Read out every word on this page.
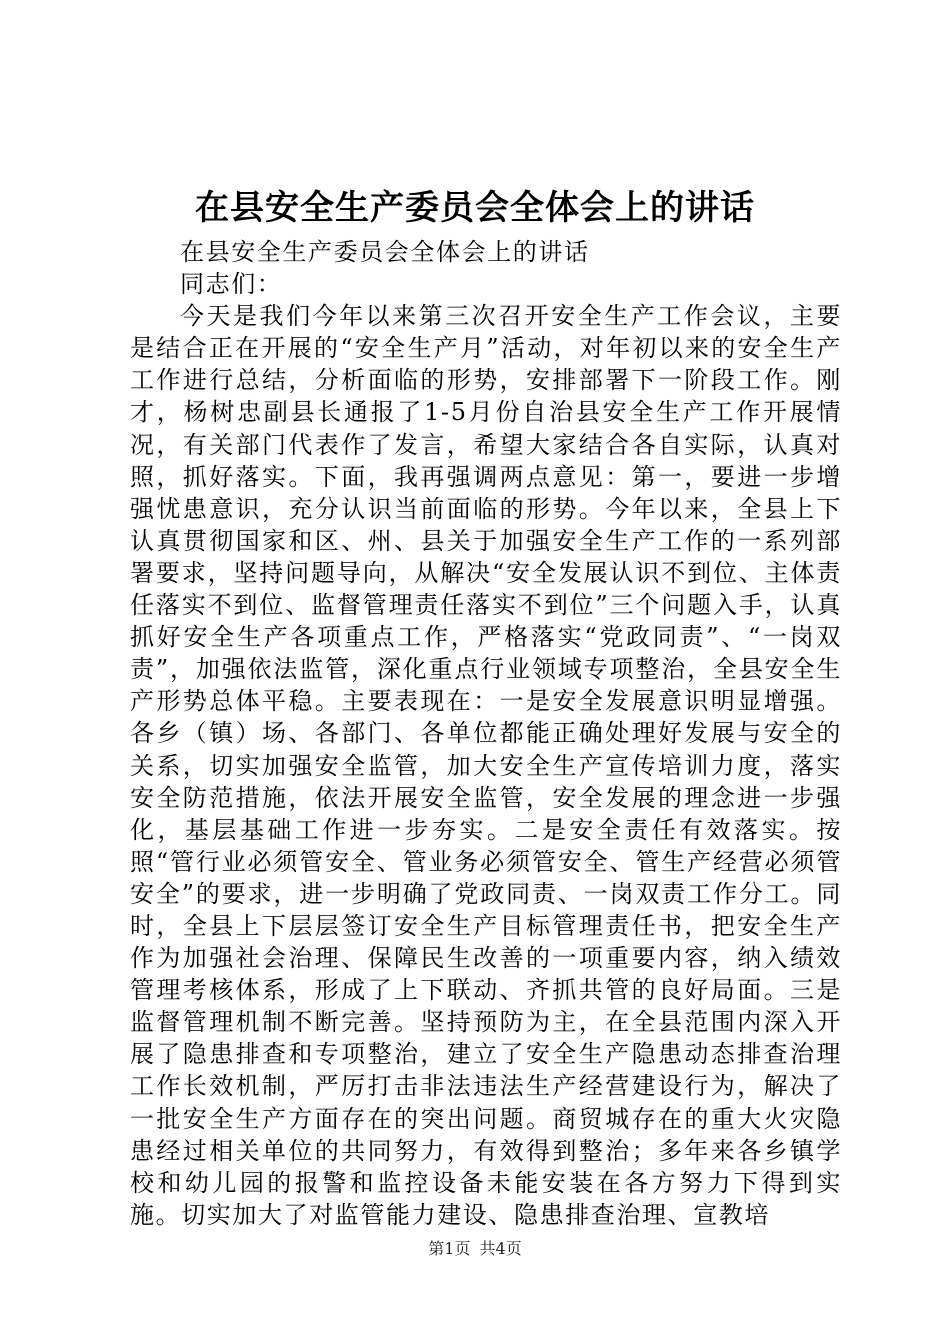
在县安全生产委员会全体会上的讲话

在县安全生产委员会全体会上的讲话

同志们：

今天是我们今年以来第三次召开安全生产工作会议，主要是结合正在开展的“安全生产月”活动，对年初以来的安全生产工作进行总结，分析面临的形势，安排部署下一阶段工作。刚才，杨树忠副县长通报了1-5月份自治县安全生产工作开展情况，有关部门代表作了发言，希望大家结合各自实际，认真对照，抓好落实。下面，我再强调两点意见：第一，要进一步增强忧患意识，充分认识当前面临的形势。今年以来，全县上下认真贯彻国家和区、州、县关于加强安全生产工作的一系列部署要求，坚持问题导向，从解决“安全发展认识不到位、主体责任落实不到位、监督管理责任落实不到位”三个问题入手，认真抓好安全生产各项重点工作，严格落实“党政同责”、“一岗双责”，加强依法监管，深化重点行业领域专项整治，全县安全生产形势总体平稳。主要表现在：一是安全发展意识明显增强。各乡（镇）场、各部门、各单位都能正确处理好发展与安全的关系，切实加强安全监管，加大安全生产宣传培训力度，落实安全防范措施，依法开展安全监管，安全发展的理念进一步强化，基层基础工作进一步夯实。二是安全责任有效落实。按照“管行业必须管安全、管业务必须管安全、管生产经营必须管安全”的要求，进一步明确了党政同责、一岗双责工作分工。同时，全县上下层层签订安全生产目标管理责任书，把安全生产作为加强社会治理、保障民生改善的一项重要内容，纳入绩效管理考核体系，形成了上下联动、齐抓共管的良好局面。三是监督管理机制不断完善。坚持预防为主，在全县范围内深入开展了隐患排查和专项整治，建立了安全生产隐患动态排查治理工作长效机制，严厉打击非法违法生产经营建设行为，解决了一批安全生产方面存在的突出问题。商贸城存在的重大火灾隐患经过相关单位的共同努力，有效得到整治；多年来各乡镇学校和幼儿园的报警和监控设备未能安装在各方努力下得到实施。切实加大了对监管能力建设、隐患排查治理、宣教培

第1页 共4页
